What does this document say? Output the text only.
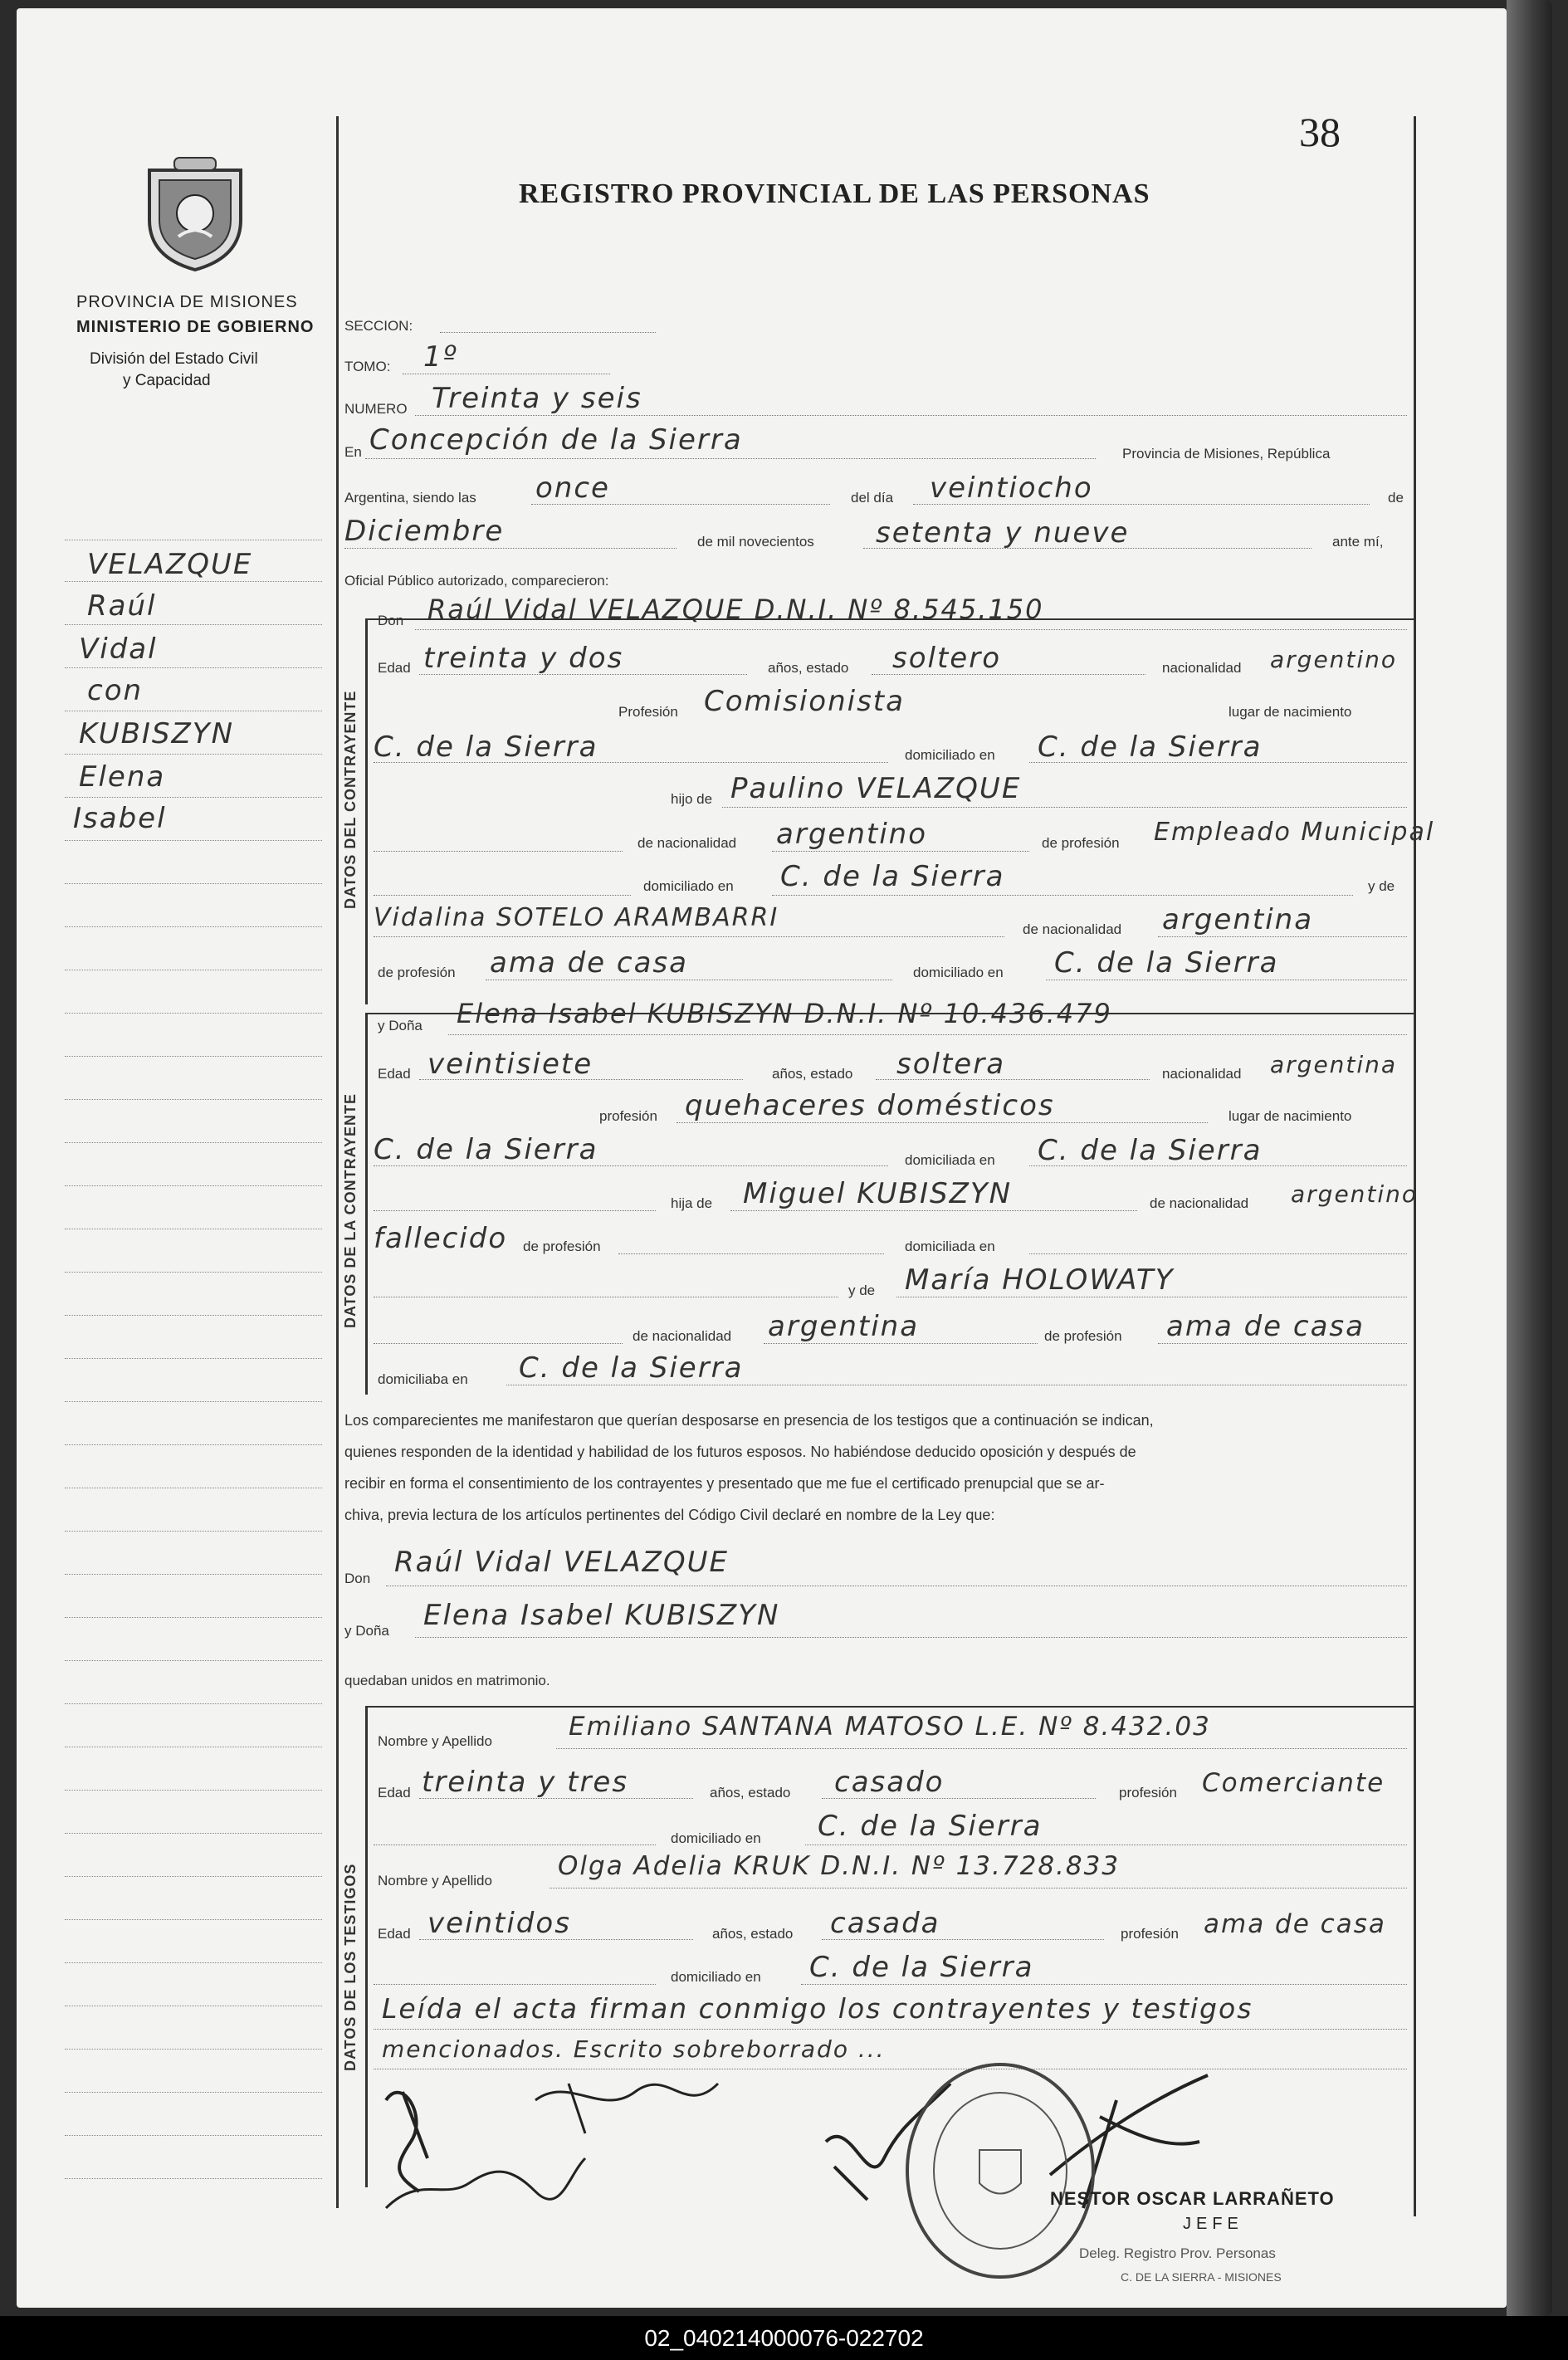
38
REGISTRO PROVINCIAL DE LAS PERSONAS
PROVINCIA DE MISIONES
MINISTERIO DE GOBIERNO
División del Estado Civil
y Capacidad
VELAZQUE
Raúl
Vidal
con
KUBISZYN
Elena
Isabel
SECCION:
TOMO: 1º
NUMERO Treinta y seis
En Concepción de la Sierra	Provincia de Misiones, República
Argentina, siendo las once	del día veintiocho	de
Diciembre	de mil novecientos setenta y nueve	ante mí,
Oficial Público autorizado, comparecieron:
DATOS DEL CONTRAYENTE
Don Raúl Vidal VELAZQUE D.N.I. Nº 8.545.150
Edad treinta y dos	años, estado soltero	nacionalidad argentino
Profesión Comisionista	lugar de nacimiento
C. de la Sierra	domiciliado en C. de la Sierra
hijo de Paulino VELAZQUE
de nacionalidad argentino	de profesión Empleado Municipal
domiciliado en C. de la Sierra	y de
Vidalina SOTELO ARAMBARRI	de nacionalidad argentina
de profesión ama de casa	domiciliado en C. de la Sierra
DATOS DE LA CONTRAYENTE
y Doña Elena Isabel KUBISZYN D.N.I. Nº 10.436.479
Edad veintisiete	años, estado soltera	nacionalidad argentina
profesión quehaceres domésticos	lugar de nacimiento
C. de la Sierra	domiciliada en C. de la Sierra
hija de Miguel KUBISZYN	de nacionalidad argentino
fallecido de profesión	domiciliada en
y de María HOLOWATY
de nacionalidad argentina	de profesión ama de casa
domiciliaba en C. de la Sierra
Los comparecientes me manifestaron que querían desposarse en presencia de los testigos que a continuación se indican,
quienes responden de la identidad y habilidad de los futuros esposos. No habiéndose deducido oposición y después de
recibir en forma el consentimiento de los contrayentes y presentado que me fue el certificado prenupcial que se ar-
chiva, previa lectura de los artículos pertinentes del Código Civil declaré en nombre de la Ley que:
Don Raúl Vidal VELAZQUE
y Doña Elena Isabel KUBISZYN
quedaban unidos en matrimonio.
DATOS DE LOS TESTIGOS
Nombre y Apellido	Emiliano SANTANA MATOSO L.E. Nº 8.432.03
Edad treinta y tres	años, estado casado	profesión Comerciante
domiciliado en C. de la Sierra
Nombre y Apellido	Olga Adelia KRUK D.N.I. Nº 13.728.833
Edad veintidos	años, estado casada	profesión ama de casa
domiciliado en C. de la Sierra
Leída el acta firman conmigo los contrayentes y testigos
mencionados. Escrito sobreborrado ...
NESTOR OSCAR LARRAÑETO
JEFE
Deleg. Registro Prov. Personas
C. DE LA SIERRA - MISIONES
02_040214000076-022702
